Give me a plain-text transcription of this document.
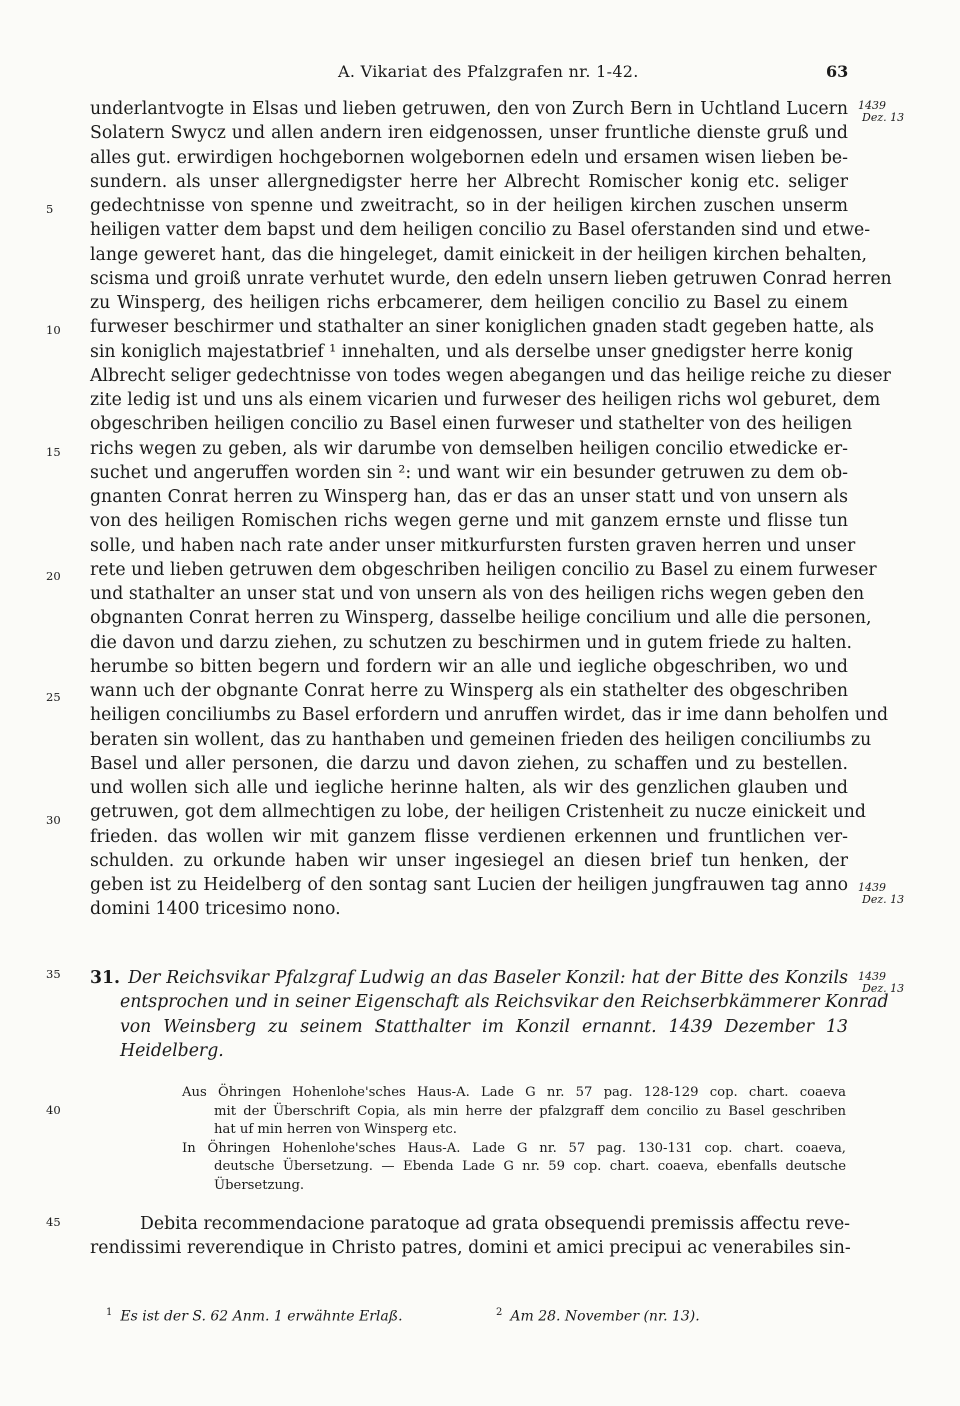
A. Vikariat des Pfalzgrafen nr. 1-42.	63
5
10
15
20
25
30
35
40
45
1439
Dez. 13
1439
Dez. 13
1439
Dez. 13
underlantvogte in Elsas und lieben getruwen, den von Zurch Bern in Uchtland Lucern
Solatern Swycz und allen andern iren eidgenossen, unser fruntliche dienste gruß und
alles gut. erwirdigen hochgebornen wolgebornen edeln und ersamen wisen lieben be-
sundern. als unser allergnedigster herre her Albrecht Romischer konig etc. seliger
gedechtnisse von spenne und zweitracht, so in der heiligen kirchen zuschen unserm
heiligen vatter dem bapst und dem heiligen concilio zu Basel oferstanden sind und etwe-
lange geweret hant, das die hingeleget, damit einickeit in der heiligen kirchen behalten,
scisma und groiß unrate verhutet wurde, den edeln unsern lieben getruwen Conrad herren
zu Winsperg, des heiligen richs erbcamerer, dem heiligen concilio zu Basel zu einem
furweser beschirmer und stathalter an siner koniglichen gnaden stadt gegeben hatte, als
sin koniglich majestatbrief ¹ innehalten, und als derselbe unser gnedigster herre konig
Albrecht seliger gedechtnisse von todes wegen abegangen und das heilige reiche zu dieser
zite ledig ist und uns als einem vicarien und furweser des heiligen richs wol geburet, dem
obgeschriben heiligen concilio zu Basel einen furweser und stathelter von des heiligen
richs wegen zu geben, als wir darumbe von demselben heiligen concilio etwedicke er-
suchet und angeruffen worden sin ²: und want wir ein besunder getruwen zu dem ob-
gnanten Conrat herren zu Winsperg han, das er das an unser statt und von unsern als
von des heiligen Romischen richs wegen gerne und mit ganzem ernste und flisse tun
solle, und haben nach rate ander unser mitkurfursten fursten graven herren und unser
rete und lieben getruwen dem obgeschriben heiligen concilio zu Basel zu einem furweser
und stathalter an unser stat und von unsern als von des heiligen richs wegen geben den
obgnanten Conrat herren zu Winsperg, dasselbe heilige concilium und alle die personen,
die davon und darzu ziehen, zu schutzen zu beschirmen und in gutem friede zu halten.
herumbe so bitten begern und fordern wir an alle und iegliche obgeschriben, wo und
wann uch der obgnante Conrat herre zu Winsperg als ein stathelter des obgeschriben
heiligen conciliumbs zu Basel erfordern und anruffen wirdet, das ir ime dann beholfen und
beraten sin wollent, das zu hanthaben und gemeinen frieden des heiligen conciliumbs zu
Basel und aller personen, die darzu und davon ziehen, zu schaffen und zu bestellen.
und wollen sich alle und iegliche herinne halten, als wir des genzlichen glauben und
getruwen, got dem allmechtigen zu lobe, der heiligen Cristenheit zu nucze einickeit und
frieden. das wollen wir mit ganzem flisse verdienen erkennen und fruntlichen ver-
schulden. zu orkunde haben wir unser ingesiegel an diesen brief tun henken, der
geben ist zu Heidelberg of den sontag sant Lucien der heiligen jungfrauwen tag anno
domini 1400 tricesimo nono.
31. Der Reichsvikar Pfalzgraf Ludwig an das Baseler Konzil: hat der Bitte des Konzils
entsprochen und in seiner Eigenschaft als Reichsvikar den Reichserbkämmerer Konrad
von Weinsberg zu seinem Statthalter im Konzil ernannt. 1439 Dezember 13
Heidelberg.
Aus Öhringen Hohenlohe'sches Haus-A. Lade G nr. 57 pag. 128-129 cop. chart. coaeva
mit der Überschrift Copia, als min herre der pfalzgraff dem concilio zu Basel geschriben
hat uf min herren von Winsperg etc.
In Öhringen Hohenlohe'sches Haus-A. Lade G nr. 57 pag. 130-131 cop. chart. coaeva,
deutsche Übersetzung. — Ebenda Lade G nr. 59 cop. chart. coaeva, ebenfalls deutsche
Übersetzung.
Debita recommendacione paratoque ad grata obsequendi premissis affectu reve-
rendissimi reverendique in Christo patres, domini et amici precipui ac venerabiles sin-
$^1$ Es ist der S. 62 Anm. 1 erwähnte Erlaß.	$^2$ Am 28. November (nr. 13).
